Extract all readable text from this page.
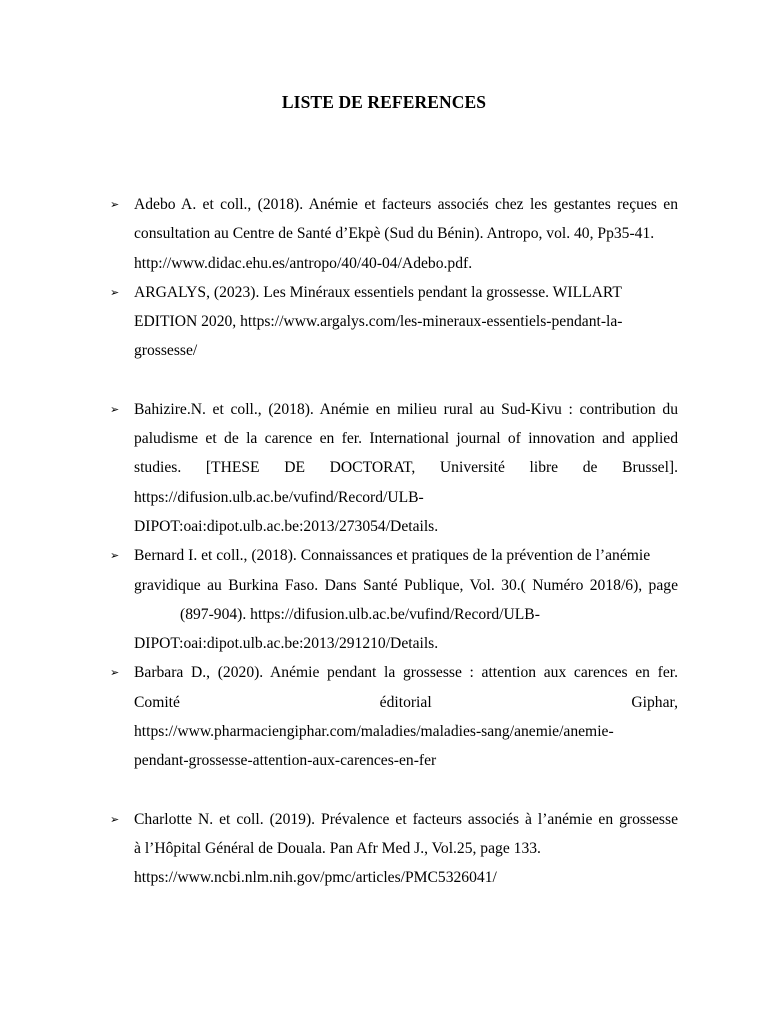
LISTE DE REFERENCES
➢ Adebo A. et coll., (2018). Anémie et facteurs associés chez les gestantes reçues en
consultation au Centre de Santé d’Ekpè (Sud du Bénin). Antropo, vol. 40, Pp35-41.
http://www.didac.ehu.es/antropo/40/40-04/Adebo.pdf.
➢ ARGALYS, (2023). Les Minéraux essentiels pendant la grossesse. WILLART
EDITION 2020, https://www.argalys.com/les-mineraux-essentiels-pendant-la-
grossesse/
➢ Bahizire.N. et coll., (2018). Anémie en milieu rural au Sud-Kivu : contribution du
paludisme et de la carence en fer. International journal of innovation and applied
studies. [THESE DE DOCTORAT, Université libre de Brussel].
https://difusion.ulb.ac.be/vufind/Record/ULB-
DIPOT:oai:dipot.ulb.ac.be:2013/273054/Details.
➢ Bernard I. et coll., (2018). Connaissances et pratiques de la prévention de l’anémie
gravidique au Burkina Faso. Dans Santé Publique, Vol. 30.( Numéro 2018/6), page
(897-904). https://difusion.ulb.ac.be/vufind/Record/ULB-
DIPOT:oai:dipot.ulb.ac.be:2013/291210/Details.
➢ Barbara D., (2020). Anémie pendant la grossesse : attention aux carences en fer.
Comité éditorial Giphar,
https://www.pharmaciengiphar.com/maladies/maladies-sang/anemie/anemie-
pendant-grossesse-attention-aux-carences-en-fer
➢ Charlotte N. et coll. (2019). Prévalence et facteurs associés à l’anémie en grossesse
à l’Hôpital Général de Douala. Pan Afr Med J., Vol.25, page 133.
https://www.ncbi.nlm.nih.gov/pmc/articles/PMC5326041/
